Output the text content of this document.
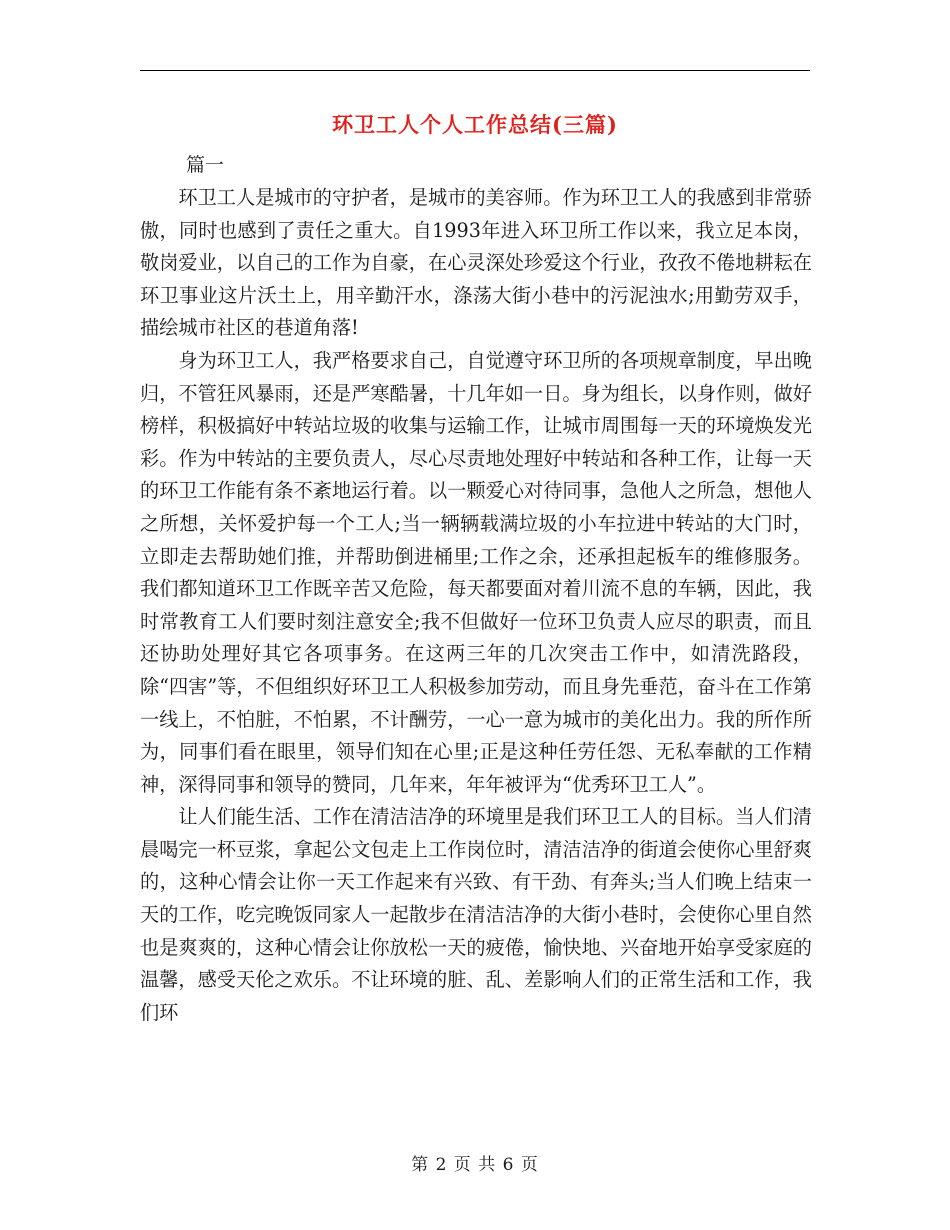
环卫工人个人工作总结(三篇)
篇一

环卫工人是城市的守护者，是城市的美容师。作为环卫工人的我感到非常骄傲，同时也感到了责任之重大。自1993年进入环卫所工作以来，我立足本岗，敬岗爱业，以自己的工作为自豪，在心灵深处珍爱这个行业，孜孜不倦地耕耘在环卫事业这片沃土上，用辛勤汗水，涤荡大街小巷中的污泥浊水;用勤劳双手，描绘城市社区的巷道角落!

身为环卫工人，我严格要求自己，自觉遵守环卫所的各项规章制度，早出晚归，不管狂风暴雨，还是严寒酷暑，十几年如一日。身为组长，以身作则，做好榜样，积极搞好中转站垃圾的收集与运输工作，让城市周围每一天的环境焕发光彩。作为中转站的主要负责人，尽心尽责地处理好中转站和各种工作，让每一天的环卫工作能有条不紊地运行着。以一颗爱心对待同事，急他人之所急，想他人之所想，关怀爱护每一个工人;当一辆辆载满垃圾的小车拉进中转站的大门时，立即走去帮助她们推，并帮助倒进桶里;工作之余，还承担起板车的维修服务。我们都知道环卫工作既辛苦又危险，每天都要面对着川流不息的车辆，因此，我时常教育工人们要时刻注意安全;我不但做好一位环卫负责人应尽的职责，而且还协助处理好其它各项事务。在这两三年的几次突击工作中，如清洗路段，除“四害”等，不但组织好环卫工人积极参加劳动，而且身先垂范，奋斗在工作第一线上，不怕脏，不怕累，不计酬劳，一心一意为城市的美化出力。我的所作所为，同事们看在眼里，领导们知在心里;正是这种任劳任怨、无私奉献的工作精神，深得同事和领导的赞同，几年来，年年被评为“优秀环卫工人”。

让人们能生活、工作在清洁洁净的环境里是我们环卫工人的目标。当人们清晨喝完一杯豆浆，拿起公文包走上工作岗位时，清洁洁净的街道会使你心里舒爽的，这种心情会让你一天工作起来有兴致、有干劲、有奔头;当人们晚上结束一天的工作，吃完晚饭同家人一起散步在清洁洁净的大街小巷时，会使你心里自然也是爽爽的，这种心情会让你放松一天的疲倦，愉快地、兴奋地开始享受家庭的温馨，感受天伦之欢乐。不让环境的脏、乱、差影响人们的正常生活和工作，我们环

第 2 页 共 6 页
